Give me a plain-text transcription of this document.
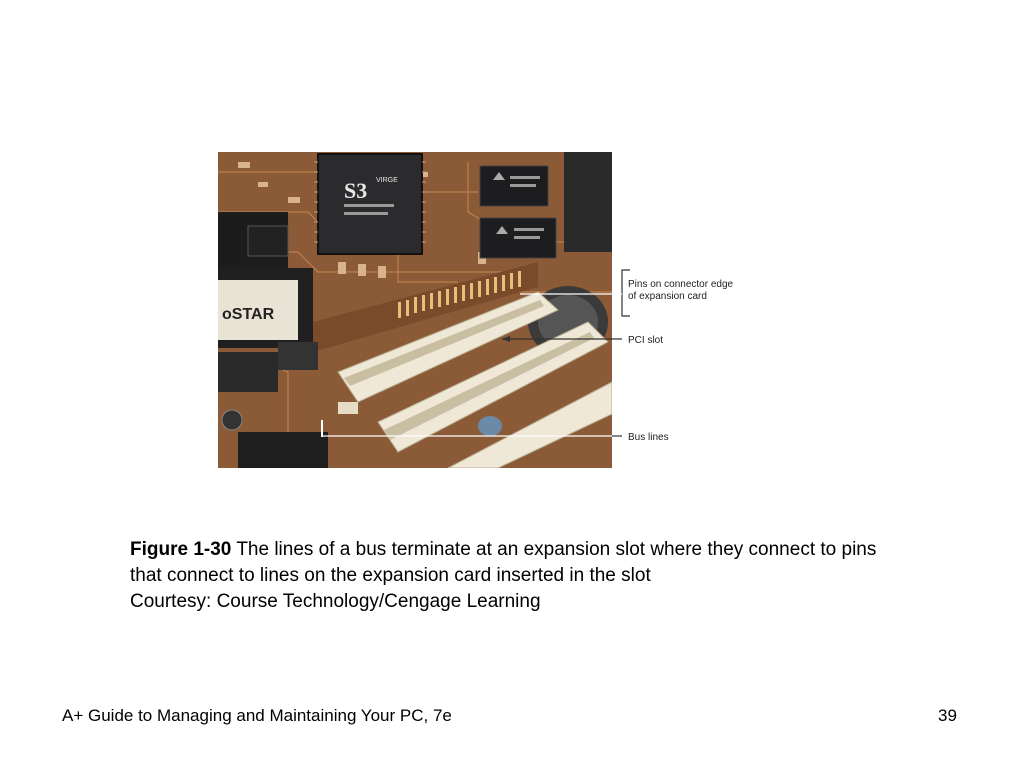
S3 VIRGE
oSTAR
Pins on connector edge
of expansion card
PCI slot
Bus lines
Figure 1-30 The lines of a bus terminate at an expansion slot where they connect to pins that connect to lines on the expansion card inserted in the slot
Courtesy: Course Technology/Cengage Learning
A+ Guide to Managing and Maintaining Your PC, 7e	39
